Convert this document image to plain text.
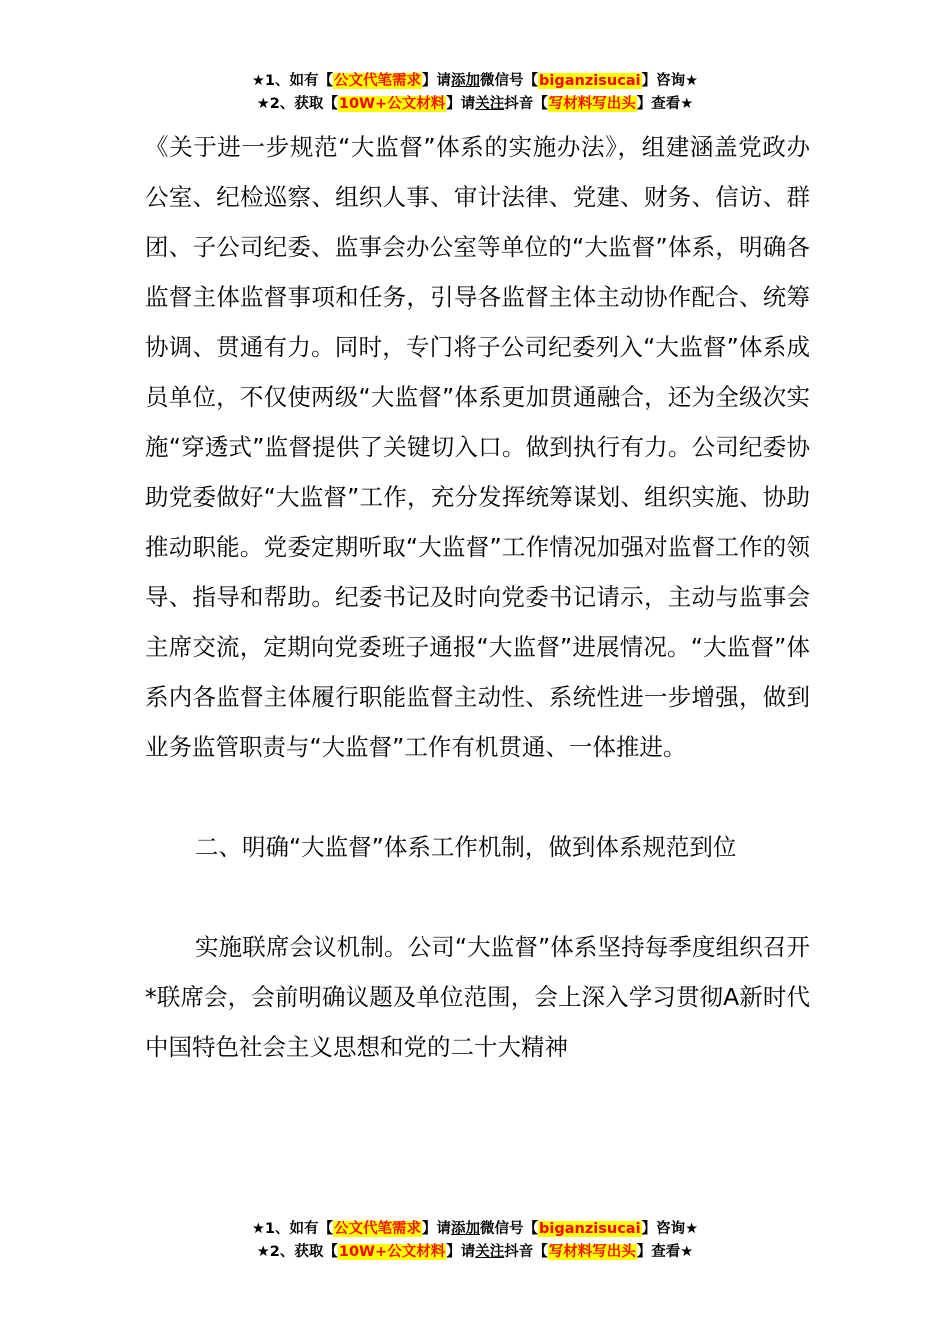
★1、如有【公文代笔需求】请添加微信号【biganzisucai】咨询★
★2、获取【10W+公文材料】请关注抖音【写材料写出头】查看★

《关于进一步规范“大监督”体系的实施办法》，组建涵盖党政办公室、纪检巡察、组织人事、审计法律、党建、财务、信访、群团、子公司纪委、监事会办公室等单位的“大监督”体系，明确各监督主体监督事项和任务，引导各监督主体主动协作配合、统筹协调、贯通有力。同时，专门将子公司纪委列入“大监督”体系成员单位，不仅使两级“大监督”体系更加贯通融合，还为全级次实施“穿透式”监督提供了关键切入口。做到执行有力。公司纪委协助党委做好“大监督”工作，充分发挥统筹谋划、组织实施、协助推动职能。党委定期听取“大监督”工作情况加强对监督工作的领导、指导和帮助。纪委书记及时向党委书记请示，主动与监事会主席交流，定期向党委班子通报“大监督”进展情况。“大监督”体系内各监督主体履行职能监督主动性、系统性进一步增强，做到业务监管职责与“大监督”工作有机贯通、一体推进。

二、明确“大监督”体系工作机制，做到体系规范到位

实施联席会议机制。公司“大监督”体系坚持每季度组织召开*联席会，会前明确议题及单位范围，会上深入学习贯彻A新时代中国特色社会主义思想和党的二十大精神

★1、如有【公文代笔需求】请添加微信号【biganzisucai】咨询★
★2、获取【10W+公文材料】请关注抖音【写材料写出头】查看★
